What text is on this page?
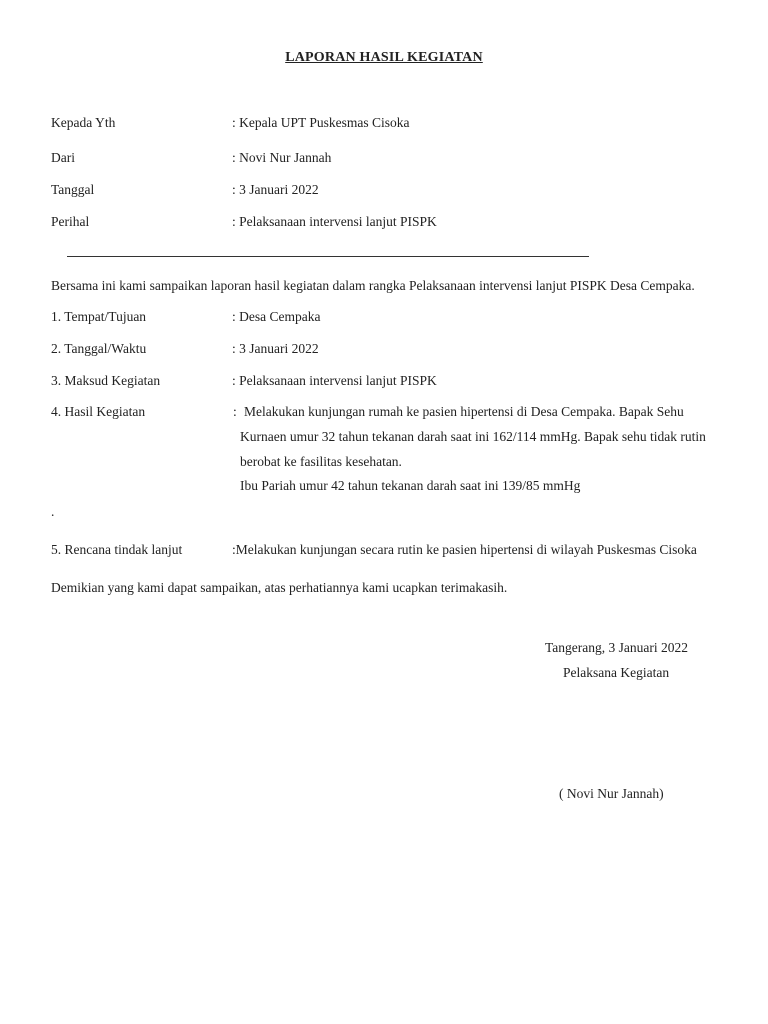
LAPORAN HASIL KEGIATAN
Kepada Yth	: Kepala UPT Puskesmas Cisoka
Dari	: Novi Nur Jannah
Tanggal	: 3 Januari 2022
Perihal	: Pelaksanaan intervensi lanjut PISPK
Bersama ini kami sampaikan laporan hasil kegiatan dalam rangka Pelaksanaan intervensi lanjut PISPK Desa Cempaka.
1. Tempat/Tujuan	: Desa Cempaka
2. Tanggal/Waktu	: 3 Januari 2022
3. Maksud Kegiatan	: Pelaksanaan intervensi lanjut PISPK
4. Hasil Kegiatan	: Melakukan kunjungan rumah ke pasien hipertensi di Desa Cempaka. Bapak Sehu
Kurnaen umur 32 tahun tekanan darah saat ini 162/114 mmHg. Bapak sehu tidak rutin
berobat ke fasilitas kesehatan.
Ibu Pariah umur 42 tahun tekanan darah saat ini 139/85 mmHg
.
5. Rencana tindak lanjut	:Melakukan kunjungan secara rutin ke pasien hipertensi di wilayah Puskesmas Cisoka
Demikian yang kami dapat sampaikan, atas perhatiannya kami ucapkan terimakasih.
Tangerang, 3 Januari 2022
Pelaksana Kegiatan
( Novi Nur Jannah)
